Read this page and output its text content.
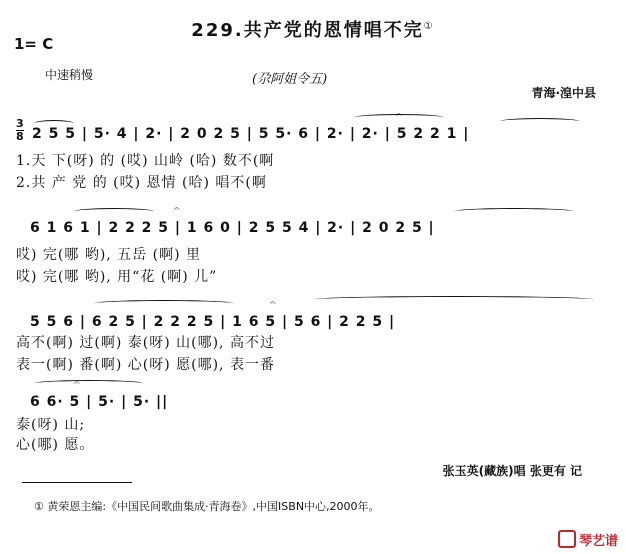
229.共产党的恩情唱不完①
1= C
中速稍慢	(尕阿姐令五)
青海·湟中县
3
8
𝄐
2 5 5 | 5· 4 | 2· | 2 0 2 5 | 5 5· 6 | 2· | 2· | 5 2 2 1 |
1.天 下(呀) 的 (哎) 山岭 (哈) 数不(啊
2.共 产 党 的 (哎) 恩情 (哈) 唱不(啊
𝄐
6 1 6 1 | 2 2 2 5 | 1 6 0 | 2 5 5 4 | 2· | 2 0 2 5 |
哎) 完(哪 哟), 五岳 (啊) 里
哎) 完(哪 哟), 用“花 (啊) 儿”
𝄐
5 5 6 | 6 2 5 | 2 2 2 5 | 1 6 5 | 5 6 | 2 2 5 |
高不(啊) 过(啊) 泰(呀) 山(哪), 高不过
表一(啊) 番(啊) 心(呀) 愿(哪), 表一番
𝄐
6 6· 5 | 5· | 5· ||
泰(呀) 山;
心(哪) 愿。
张玉英(藏族)唱 张更有 记
① 黄荣恩主编:《中国民间歌曲集成·青海卷》,中国ISBN中心,2000年。
琴艺谱
